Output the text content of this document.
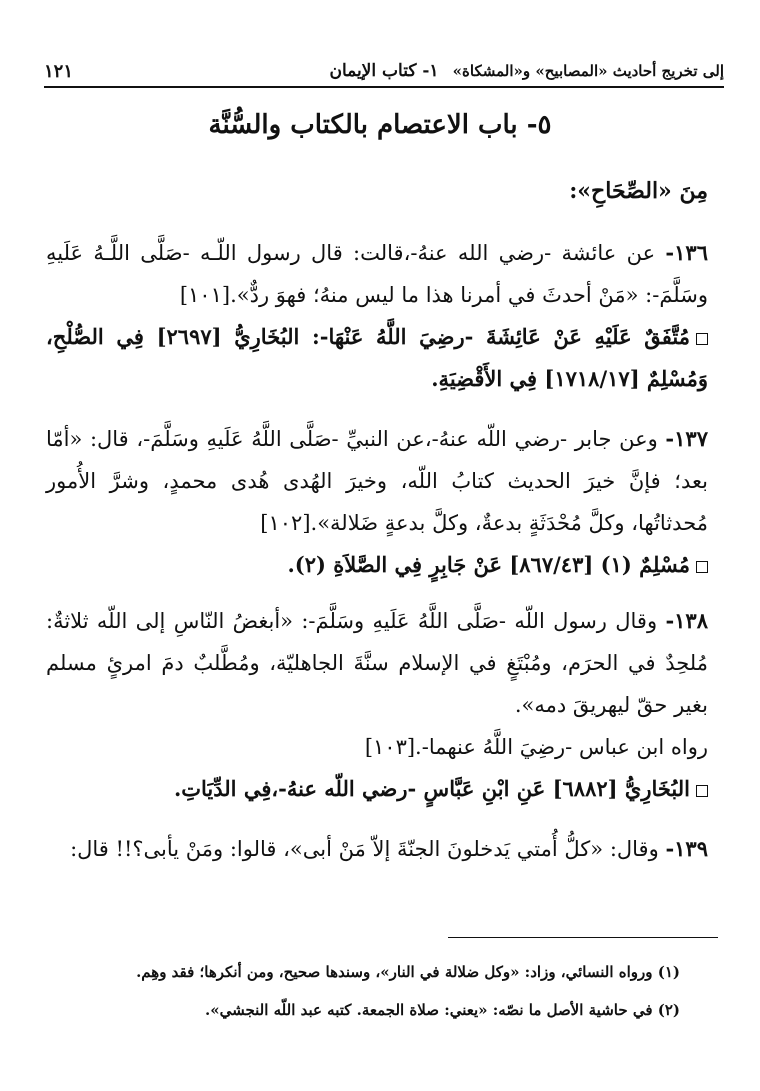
إلى تخريج أحاديث «المصابيح» و«المشكاة»
١- كتاب الإيمان
١٢١
٥- باب الاعتصام بالكتاب والسُّنَّة
مِنَ «الصِّحَاحِ»:

١٣٦- عن عائشة -رضي الله عنهُ-،قالت: قال رسول اللّـه -صَلَّى اللَّـهُ عَلَيهِ وسَلَّمَ-: «مَنْ أحدثَ في أمرنا هذا ما ليس منهُ؛ فهوَ ردٌّ».[١٠١]

مُتَّفَقٌ عَلَيْهِ عَنْ عَائِشَةَ -رضِيَ اللَّهُ عَنْهَا-: البُخَارِيُّ [٢٦٩٧] فِي الصُّلْحِ، وَمُسْلِمٌ [١٧١٨/١٧] فِي الأَقْضِيَةِ.

١٣٧- وعن جابر -رضي اللّه عنهُ-،عن النبيِّ -صَلَّى اللَّهُ عَلَيهِ وسَلَّمَ-، قال: «أمّا بعد؛ فإنَّ خيرَ الحديث كتابُ اللّه، وخيرَ الهُدى هُدى محمدٍ، وشرَّ الأُمور مُحدثاتُها، وكلَّ مُحْدَثَةٍ بدعةٌ، وكلَّ بدعةٍ ضَلالة».[١٠٢]

مُسْلِمٌ (١) [٨٦٧/٤٣] عَنْ جَابِرٍ فِي الصَّلاَةِ (٢).

١٣٨- وقال رسول اللّه -صَلَّى اللَّهُ عَلَيهِ وسَلَّمَ-: «أبغضُ النّاسِ إلى اللّه ثلاثةٌ: مُلحِدٌ في الحرَم، ومُبْتَغٍ في الإسلام سنَّةَ الجاهليّة، ومُطَّلبٌ دمَ امرئٍ مسلم بغير حقّ ليهريقَ دمه».

رواه ابن عباس -رضِيَ اللَّهُ عنهما-.[١٠٣]

البُخَارِيُّ [٦٨٨٢] عَنِ ابْنِ عَبَّاسٍ -رضي اللّه عنهُ-،فِي الدِّيَاتِ.

١٣٩- وقال: «كلُّ أُمتي يَدخلونَ الجنّةَ إلاّ مَنْ أبى»، قالوا: ومَنْ يأبى؟!! قال:

(١) ورواه النسائي، وزاد: «وكل ضلالة في النار»، وسندها صحيح، ومن أنكرها؛ فقد وهِم.

(٢) في حاشية الأصل ما نصّه: «يعني: صلاة الجمعة. كتبه عبد اللّه النجشي».
